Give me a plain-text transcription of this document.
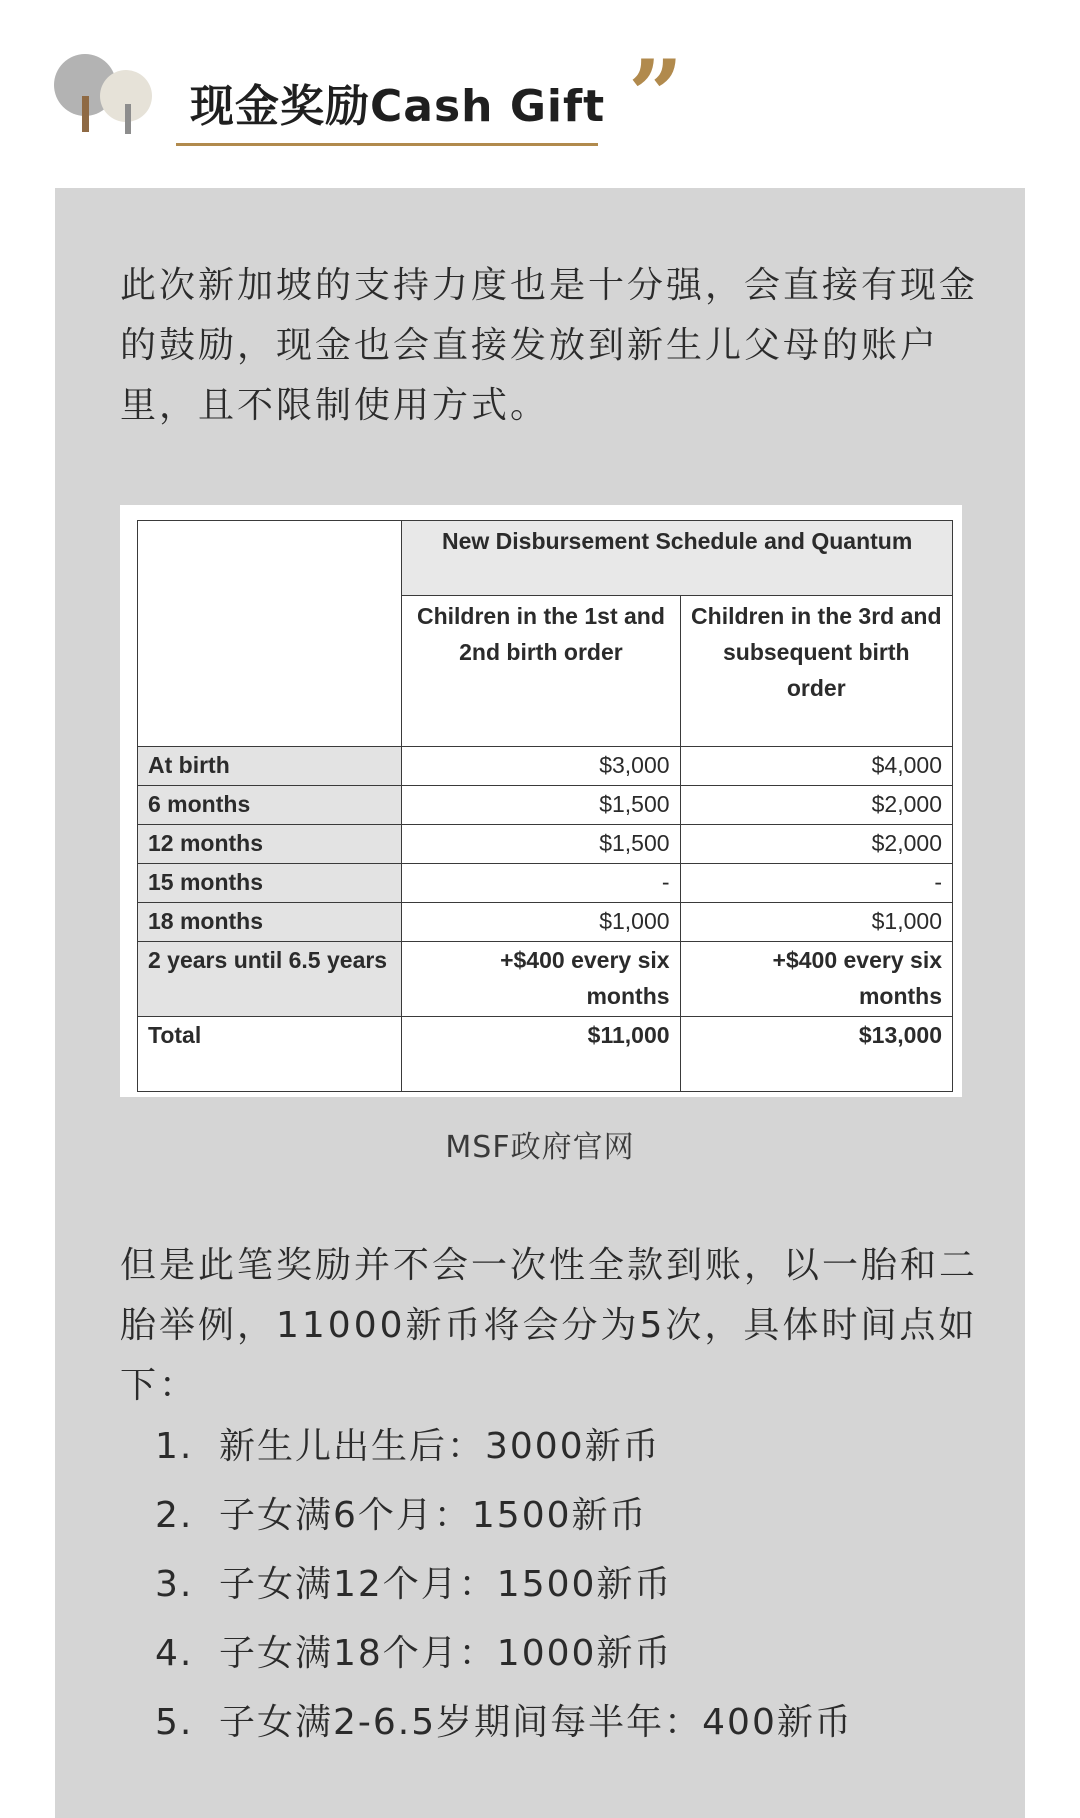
现金奖励Cash Gift ”

此次新加坡的支持力度也是十分强，会直接有现金的鼓励，现金也会直接发放到新生儿父母的账户里，且不限制使用方式。

	New Disbursement Schedule and Quantum	
	Children in the 1st and 2nd birth order	Children in the 3rd and subsequent birth order
At birth	$3,000	$4,000
6 months	$1,500	$2,000
12 months	$1,500	$2,000
15 months	-	-
18 months	$1,000	$1,000
2 years until 6.5 years	+$400 every six months	+$400 every six months
Total	$11,000	$13,000
MSF政府官网

但是此笔奖励并不会一次性全款到账，以一胎和二胎举例，11000新币将会分为5次，具体时间点如下：

1. 新生儿出生后：3000新币
2. 子女满6个月：1500新币
3. 子女满12个月：1500新币
4. 子女满18个月：1000新币
5. 子女满2-6.5岁期间每半年：400新币
